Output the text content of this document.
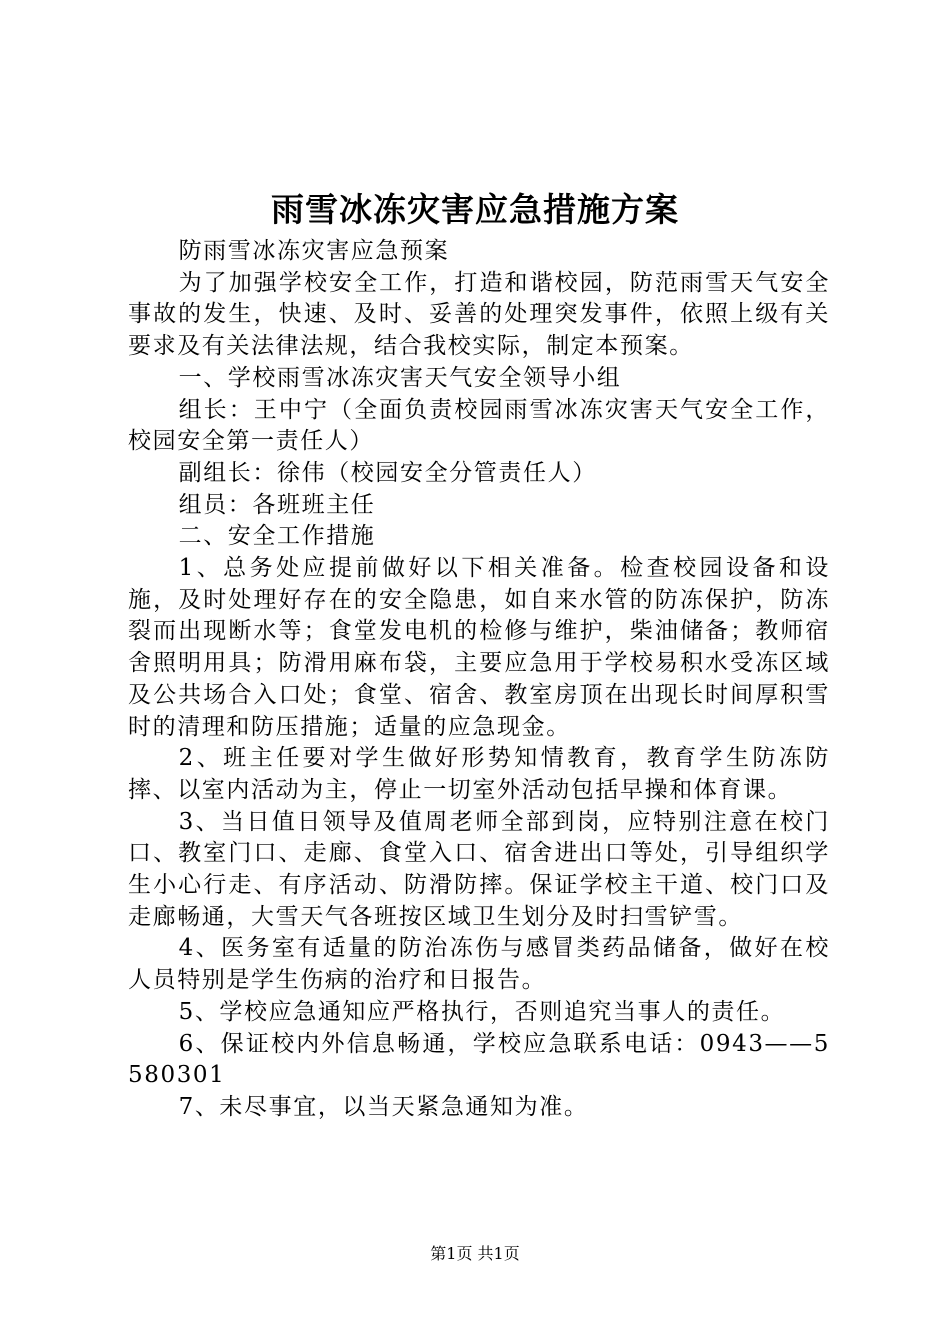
雨雪冰冻灾害应急措施方案

防雨雪冰冻灾害应急预案

为了加强学校安全工作，打造和谐校园，防范雨雪天气安全事故的发生，快速、及时、妥善的处理突发事件，依照上级有关要求及有关法律法规，结合我校实际，制定本预案。

一、学校雨雪冰冻灾害天气安全领导小组

组长：王中宁（全面负责校园雨雪冰冻灾害天气安全工作，校园安全第一责任人）

副组长：徐伟（校园安全分管责任人）

组员：各班班主任

二、安全工作措施

1、总务处应提前做好以下相关准备。检查校园设备和设施，及时处理好存在的安全隐患，如自来水管的防冻保护，防冻裂而出现断水等；食堂发电机的检修与维护，柴油储备；教师宿舍照明用具；防滑用麻布袋，主要应急用于学校易积水受冻区域及公共场合入口处；食堂、宿舍、教室房顶在出现长时间厚积雪时的清理和防压措施；适量的应急现金。

2、班主任要对学生做好形势知情教育，教育学生防冻防摔、以室内活动为主，停止一切室外活动包括早操和体育课。

3、当日值日领导及值周老师全部到岗，应特别注意在校门口、教室门口、走廊、食堂入口、宿舍进出口等处，引导组织学生小心行走、有序活动、防滑防摔。保证学校主干道、校门口及走廊畅通，大雪天气各班按区域卫生划分及时扫雪铲雪。

4、医务室有适量的防治冻伤与感冒类药品储备，做好在校人员特别是学生伤病的治疗和日报告。

5、学校应急通知应严格执行，否则追究当事人的责任。

6、保证校内外信息畅通，学校应急联系电话：0943——5580301

7、未尽事宜，以当天紧急通知为准。

第1页 共1页
